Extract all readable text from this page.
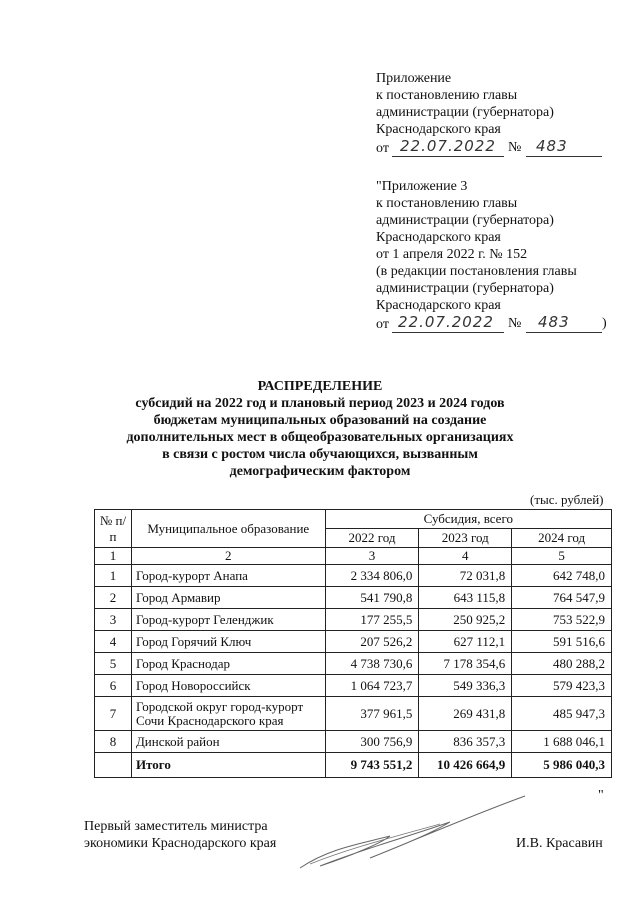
Приложение
к постановлению главы
администрации (губернатора)
Краснодарского края
от 22.07.2022 № 483
"Приложение 3
к постановлению главы
администрации (губернатора)
Краснодарского края
от 1 апреля 2022 г. № 152
(в редакции постановления главы
администрации (губернатора)
Краснодарского края
от 22.07.2022 № 483 )
РАСПРЕДЕЛЕНИЕ
субсидий на 2022 год и плановый период 2023 и 2024 годов
бюджетам муниципальных образований на создание
дополнительных мест в общеобразовательных организациях
в связи с ростом числа обучающихся, вызванным
демографическим фактором
(тыс. рублей)
№ п/п	Муниципальное образование	Субсидия, всего		
		2022 год	2023 год	2024 год
1	2	3	4	5
1	Город-курорт Анапа	2 334 806,0	72 031,8	642 748,0
2	Город Армавир	541 790,8	643 115,8	764 547,9
3	Город-курорт Геленджик	177 255,5	250 925,2	753 522,9
4	Город Горячий Ключ	207 526,2	627 112,1	591 516,6
5	Город Краснодар	4 738 730,6	7 178 354,6	480 288,2
6	Город Новороссийск	1 064 723,7	549 336,3	579 423,3
7	Городской округ город-курорт Сочи Краснодарского края	377 961,5	269 431,8	485 947,3
8	Динской район	300 756,9	836 357,3	1 688 046,1
	Итого	9 743 551,2	10 426 664,9	5 986 040,3
"
Первый заместитель министра
экономики Краснодарского края	И.В. Красавин
